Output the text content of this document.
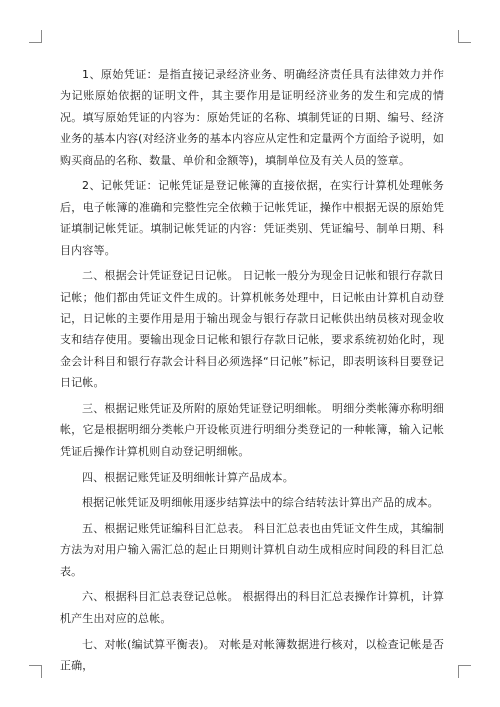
1、原始凭证：是指直接记录经济业务、明确经济责任具有法律效力并作为记账原始依据的证明文件，其主要作用是证明经济业务的发生和完成的情况。填写原始凭证的内容为：原始凭证的名称、填制凭证的日期、编号、经济业务的基本内容(对经济业务的基本内容应从定性和定量两个方面给予说明，如购买商品的名称、数量、单价和金额等)，填制单位及有关人员的签章。

2、记帐凭证：记帐凭证是登记帐簿的直接依据，在实行计算机处理帐务后，电子帐簿的准确和完整性完全依赖于记帐凭证，操作中根据无误的原始凭证填制记帐凭证。填制记帐凭证的内容：凭证类别、凭证编号、制单日期、科目内容等。

二、根据会计凭证登记日记帐。 日记帐一般分为现金日记帐和银行存款日记帐；他们都由凭证文件生成的。计算机帐务处理中，日记帐由计算机自动登记，日记帐的主要作用是用于输出现金与银行存款日记帐供出纳员核对现金收支和结存使用。要输出现金日记帐和银行存款日记帐，要求系统初始化时，现金会计科目和银行存款会计科目必须选择“日记帐”标记，即表明该科目要登记日记帐。

三、根据记账凭证及所附的原始凭证登记明细帐。 明细分类帐簿亦称明细帐，它是根据明细分类帐户开设帐页进行明细分类登记的一种帐簿，输入记帐凭证后操作计算机则自动登记明细帐。

四、根据记账凭证及明细帐计算产品成本。

根据记帐凭证及明细帐用逐步结算法中的综合结转法计算出产品的成本。

五、根据记账凭证编科目汇总表。 科目汇总表也由凭证文件生成，其编制方法为对用户输入需汇总的起止日期则计算机自动生成相应时间段的科目汇总表。

六、根据科目汇总表登记总帐。 根据得出的科目汇总表操作计算机，计算机产生出对应的总帐。

七、对帐(编试算平衡表)。 对帐是对帐簿数据进行核对，以检查记帐是否正确，
